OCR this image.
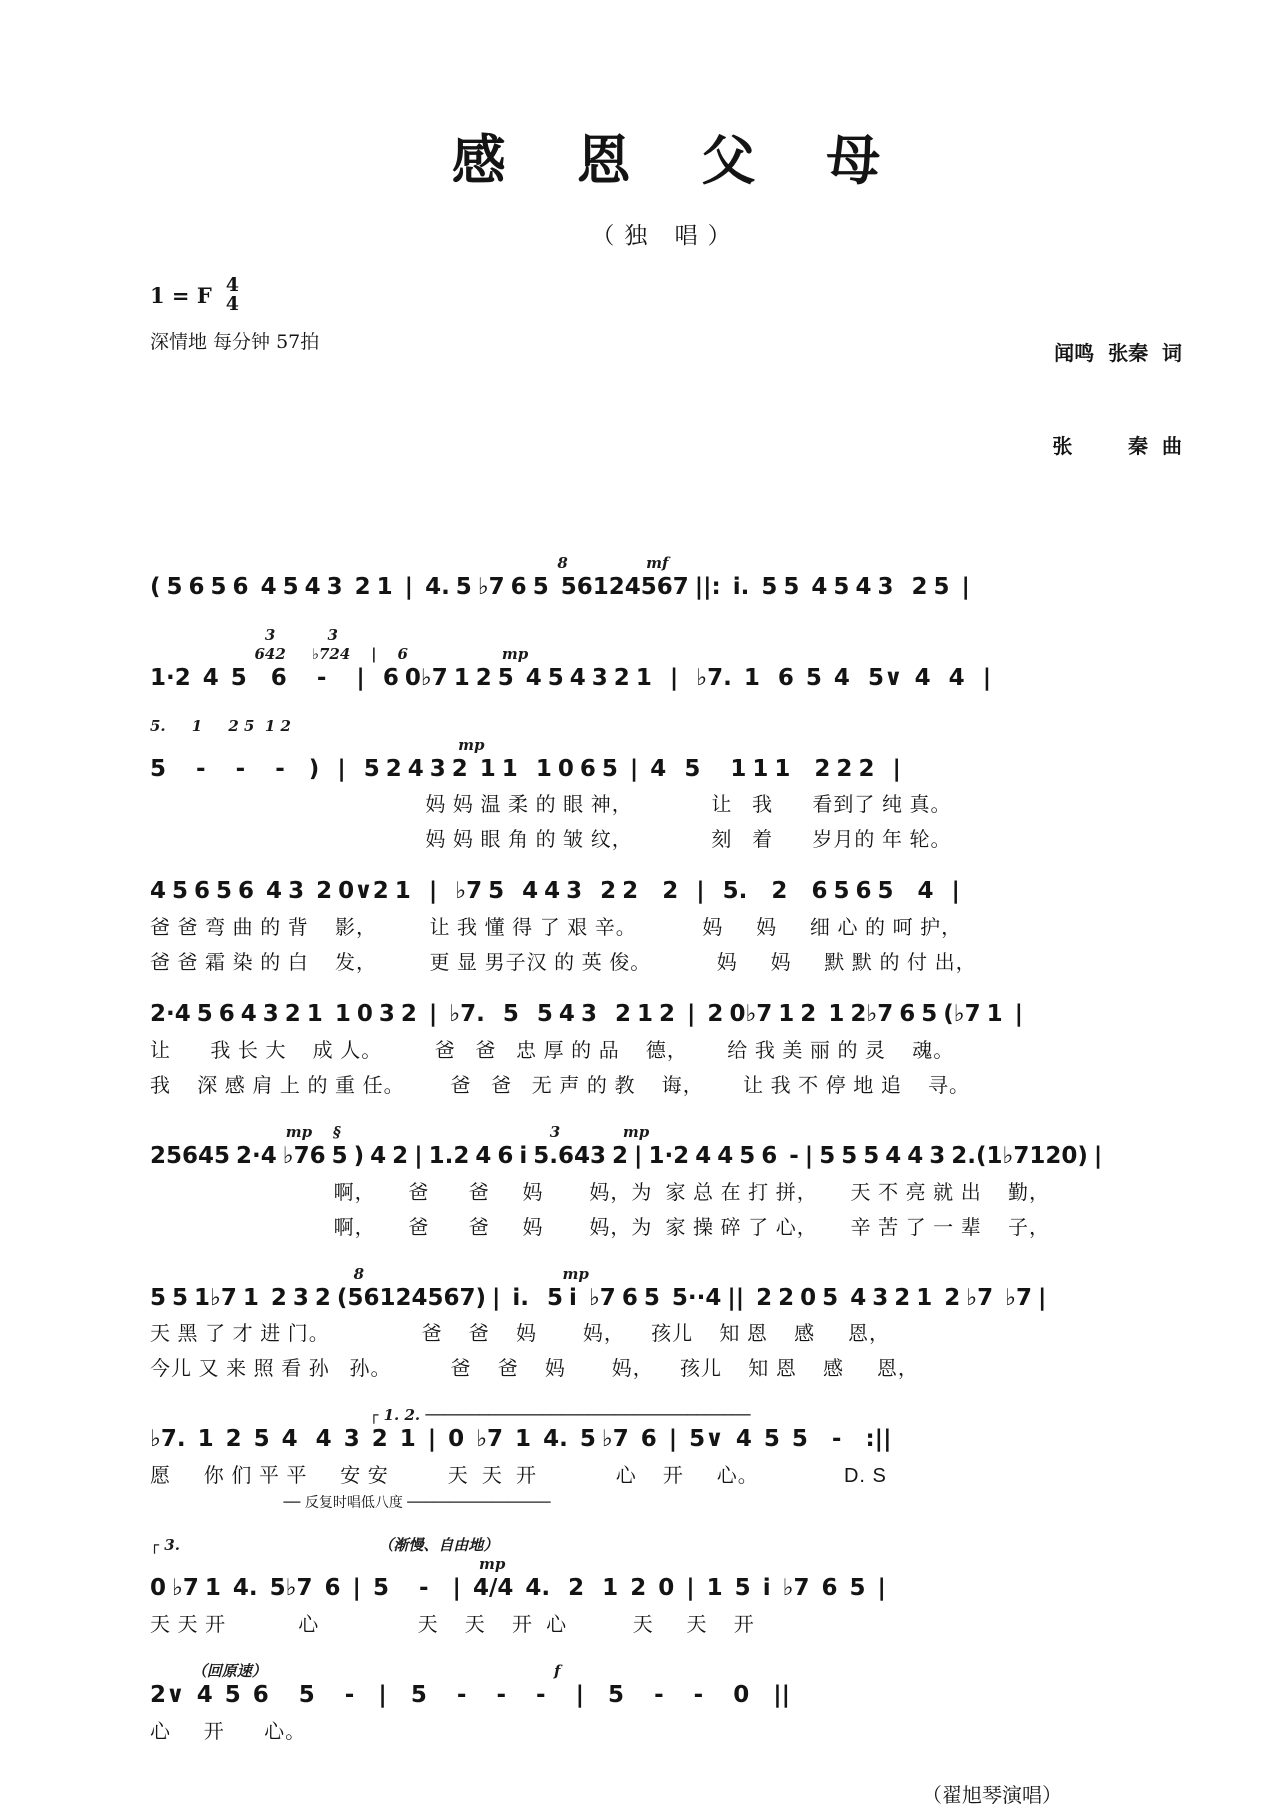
感 恩 父 母
（独 唱）
1 = F 4
4
深情地 每分钟 57拍

	闻鸣  张秦  词

张        秦  曲

8               mf
( 5 6 5 6  4 5 4 3  2 1  |  4. 5 ♭7 6 5  56124567 ||:  i.  5 5  4 5 4 3   2 5  |
3          3
642     ♭724    |    6                  mp
1·2  4  5    6     -     |   6 0♭7 1 2 5  4 5 4 3 2 1   |   ♭7.  1   6  5  4   5∨  4   4   |
5.     1     2 5  1 2
mp
5     -     -     -    )   |   5 2 4 3 2  1 1   1 0 6 5  |  4   5     1 1 1    2 2 2   |
妈 妈 温 柔 的 眼 神，            让   我      看到了 纯 真。
妈 妈 眼 角 的 皱 纹，            刻   着      岁月的 年 轮。
4 5 6 5 6  4 3  2 0∨2 1   |   ♭7 5   4 4 3   2 2    2   |   5.    2    6 5 6 5    4   |
爸 爸 弯 曲 的 背    影，        让 我 懂 得 了 艰 辛。          妈     妈     细 心 的 呵 护，
爸 爸 霜 染 的 白    发，        更 显 男子汉 的 英 俊。          妈     妈     默 默 的 付 出，
2·4 5 6 4 3 2 1  1 0 3 2  |  ♭7.   5   5 4 3   2 1 2  |  2 0♭7 1 2  1 2♭7 6 5 (♭7 1  |
让      我 长 大    成 人。        爸   爸   忠 厚 的 品    德，      给 我 美 丽 的 灵    魂。
我    深 感 肩 上 的 重 任。       爸   爸   无 声 的 教    诲，      让 我 不 停 地 追    寻。
mp    §                                        3            mp
25645 2·4 ♭76 5 ) 4 2 | 1.2 4 6 i 5.643 2 | 1·2 4 4 5 6  - | 5 5 5 4 4 3 2.(1♭7120) |
啊，     爸      爸     妈       妈，为  家 总 在 打 拼，     天 不 亮 就 出    勤，
啊，     爸      爸     妈       妈，为  家 操 碎 了 心，     辛 苦 了 一 辈    子，
8                                      mp
5 5 1♭7 1  2 3 2 (56124567) |  i.   5 i  ♭7 6 5  5··4 ||  2 2 0 5  4 3 2 1  2 ♭7  ♭7 |
天 黑 了 才 进 门。              爸    爸    妈       妈，    孩儿    知 恩    感     恩，
今儿 又 来 照 看 孙   孙。         爸    爸    妈       妈，    孩儿    知 恩    感     恩，
┌ 1. 2. ────────────────────────────────────
♭7.  1  2  5  4   4  3  2  1  |  0  ♭7  1  4.  5 ♭7  6  |  5∨  4  5  5    -    :||
愿     你 们 平 平     安 安         天  天  开            心    开     心。             D. S
── 反复时唱低八度 ─────────────────
┌ 3.                                      （渐慢、自由地）
mp
0 ♭7 1  4.  5♭7  6  |  5     -    |  4/4  4.   2   1  2  0  |  1  5  i  ♭7  6  5  |
天 天 开           心               天    天    开  心          天     天    开
（回原速）                                                       f
2∨  4  5  6     5     -    |    5     -     -     -     |    5     -     -     0    ||
心     开      心。
（翟旭琴演唱）
